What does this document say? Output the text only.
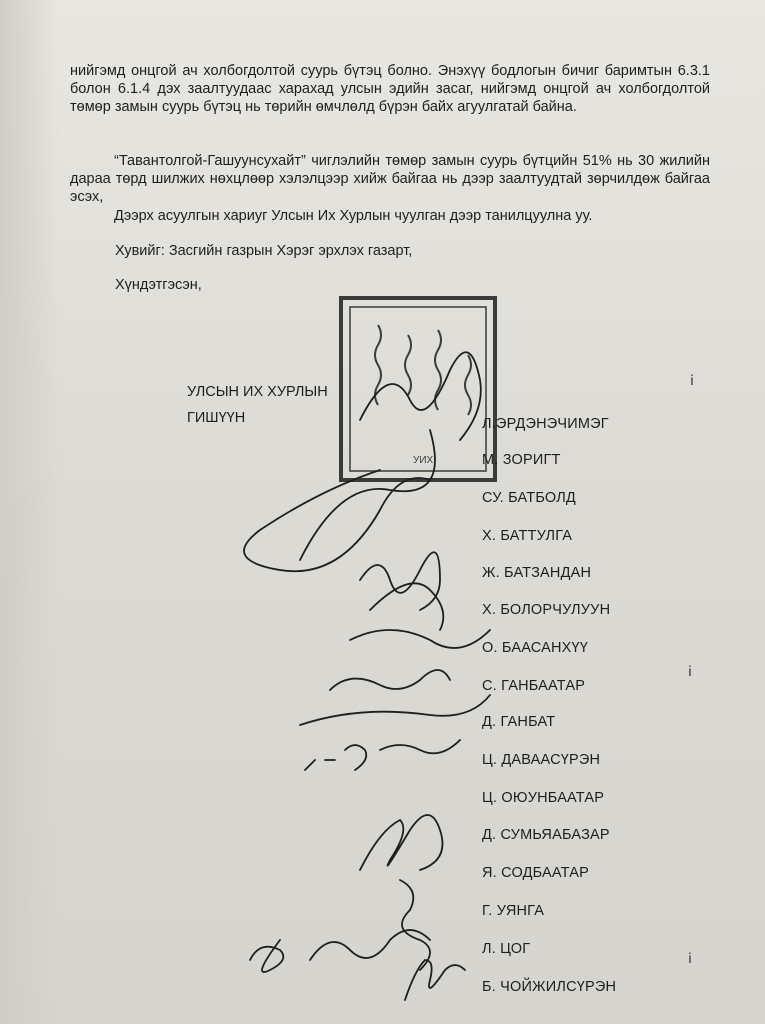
нийгэмд онцгой ач холбогдолтой суурь бүтэц болно. Энэхүү бодлогын бичиг баримтын 6.3.1 болон 6.1.4 дэх заалтуудаас харахад улсын эдийн засаг, нийгэмд онцгой ач холбогдолтой төмөр замын суурь бүтэц нь төрийн өмчлөлд бүрэн байх агуулгатай байна.

“Тавантолгой-Гашуунсухайт” чиглэлийн төмөр замын суурь бүтцийн 51% нь 30 жилийн дараа төрд шилжих нөхцлөөр хэлэлцээр хийж байгаа нь дээр заалтуудтай зөрчилдөж байгаа эсэх,

Дээрх асуулгын хариуг Улсын Их Хурлын чуулган дээр танилцуулна уу.

Хувийг: Засгийн газрын Хэрэг эрхлэх газарт,
Хүндэтгэсэн,
УЛСЫН ИХ ХУРЛЫН
ГИШҮҮН
УИХ
Л.ЭРДЭНЭЧИМЭГ
М. ЗОРИГТ
СУ. БАТБОЛД
Х. БАТТУЛГА
Ж. БАТЗАНДАН
Х. БОЛОРЧУЛУУН
О. БААСАНХҮҮ
С. ГАНБААТАР
Д. ГАНБАТ
Ц. ДАВААСҮРЭН
Ц. ОЮУНБААТАР
Д. СУМЬЯАБАЗАР
Я. СОДБААТАР
Г. УЯНГА
Л. ЦОГ
Б. ЧОЙЖИЛСҮРЭН
ⅰ
ⅰ
ⅰ
